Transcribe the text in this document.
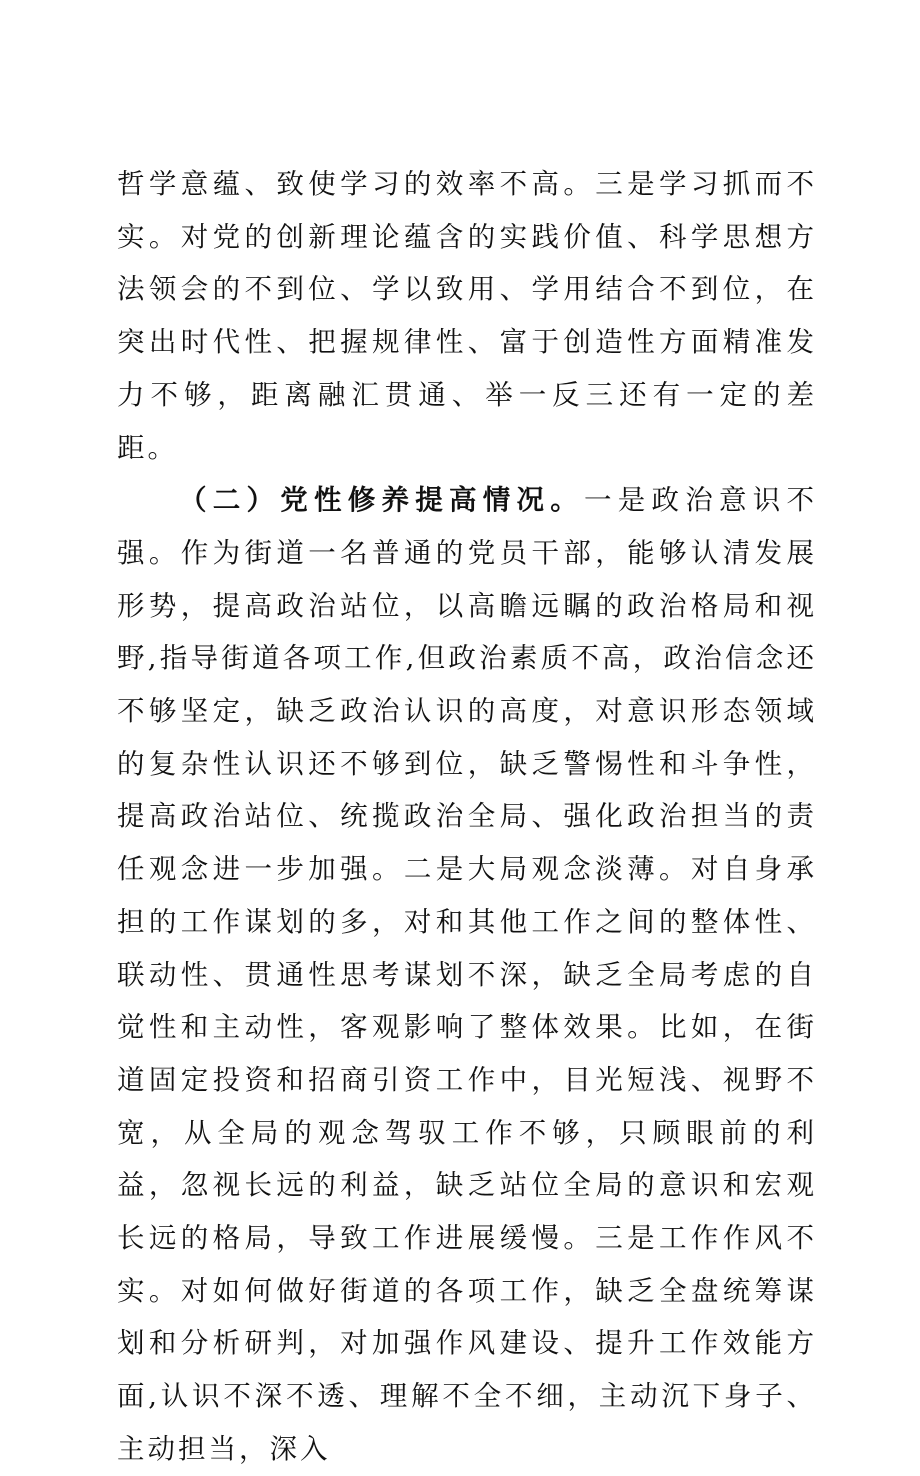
哲学意蕴、致使学习的效率不高。三是学习抓而不实。对党的创新理论蕴含的实践价值、科学思想方法领会的不到位、学以致用、学用结合不到位，在突出时代性、把握规律性、富于创造性方面精准发力不够，距离融汇贯通、举一反三还有一定的差距。

（二）党性修养提高情况。一是政治意识不强。作为街道一名普通的党员干部，能够认清发展形势，提高政治站位，以高瞻远瞩的政治格局和视野,指导街道各项工作,但政治素质不高，政治信念还不够坚定，缺乏政治认识的高度，对意识形态领域的复杂性认识还不够到位，缺乏警惕性和斗争性，提高政治站位、统揽政治全局、强化政治担当的责任观念进一步加强。二是大局观念淡薄。对自身承担的工作谋划的多，对和其他工作之间的整体性、联动性、贯通性思考谋划不深，缺乏全局考虑的自觉性和主动性，客观影响了整体效果。比如，在街道固定投资和招商引资工作中，目光短浅、视野不宽，从全局的观念驾驭工作不够，只顾眼前的利益，忽视长远的利益，缺乏站位全局的意识和宏观长远的格局，导致工作进展缓慢。三是工作作风不实。对如何做好街道的各项工作，缺乏全盘统筹谋划和分析研判，对加强作风建设、提升工作效能方面,认识不深不透、理解不全不细，主动沉下身子、主动担当，深入
